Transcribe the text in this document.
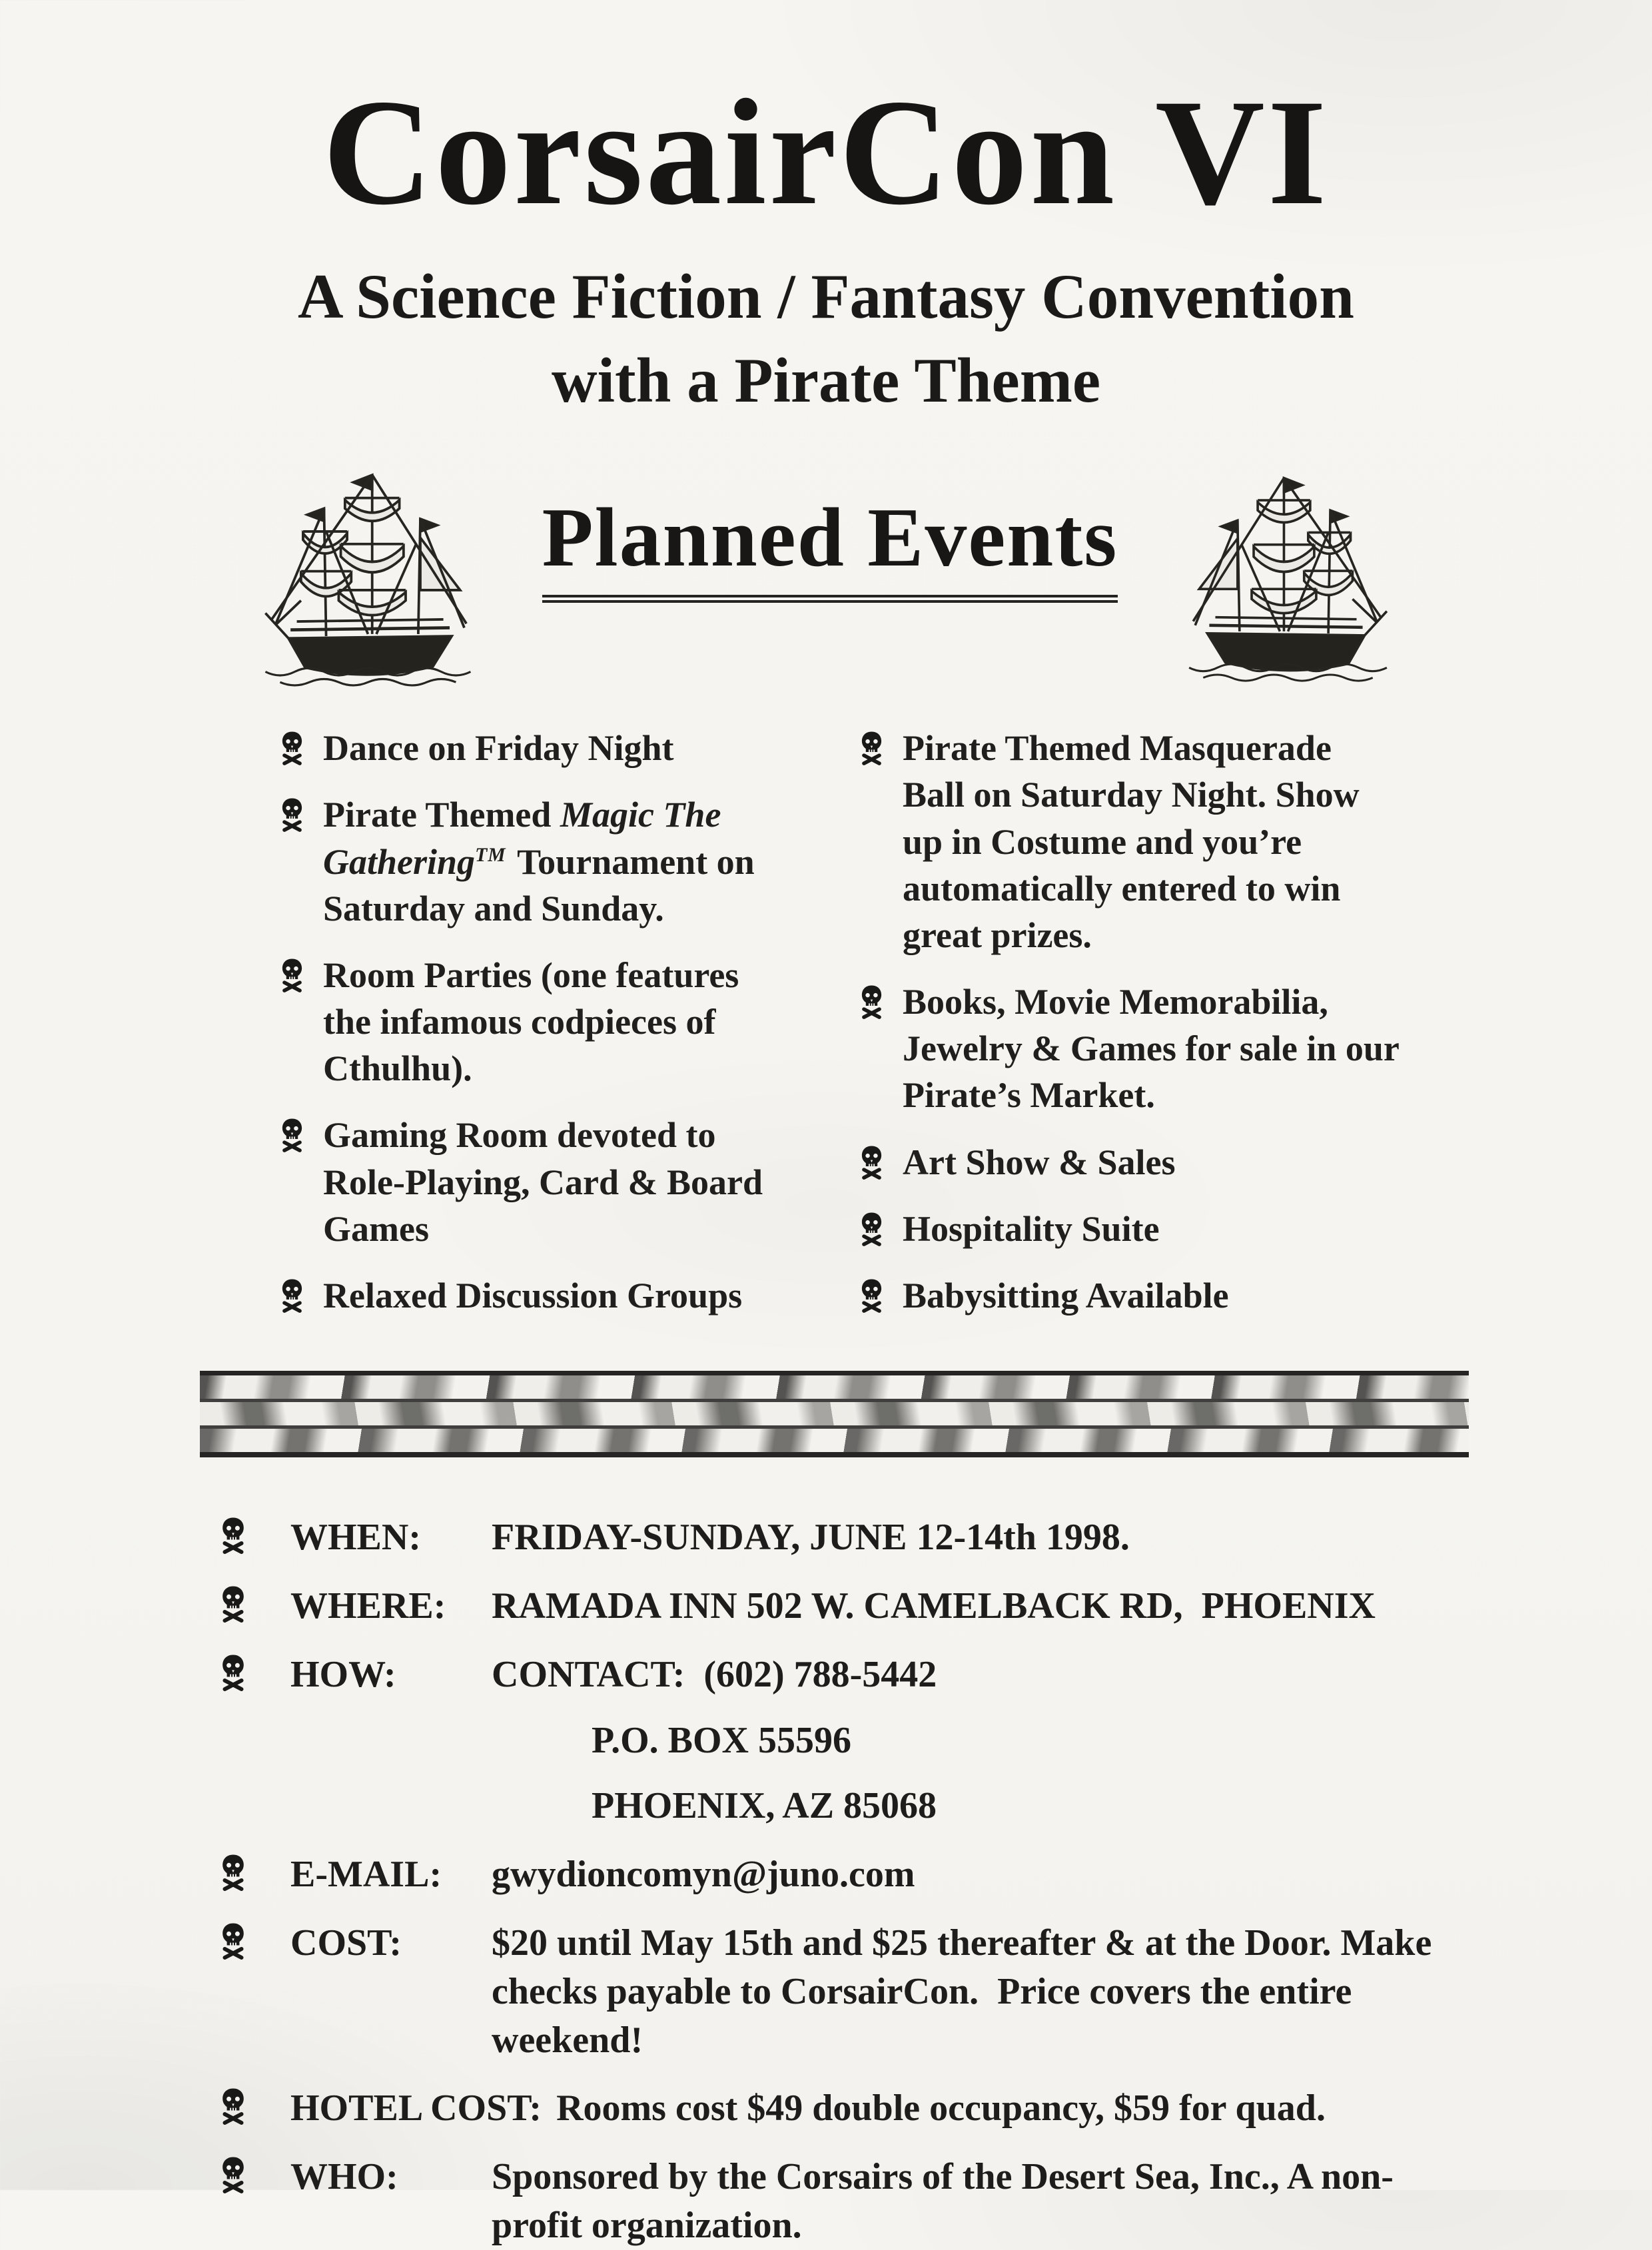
CorsairCon VI
A Science Fiction / Fantasy Convention
with a Pirate Theme
Planned Events
Dance on Friday Night
Pirate Themed Magic The Gathering™ Tournament on Saturday and Sunday.
Room Parties (one features the infamous codpieces of Cthulhu).
Gaming Room devoted to Role-Playing, Card & Board Games
Relaxed Discussion Groups
Pirate Themed Masquerade Ball on Saturday Night. Show up in Costume and you’re automatically entered to win great prizes.
Books, Movie Memorabilia, Jewelry & Games for sale in our Pirate’s Market.
Art Show & Sales
Hospitality Suite
Babysitting Available
WHEN:	FRIDAY-SUNDAY, JUNE 12-14th 1998.
WHERE:	RAMADA INN 502 W. CAMELBACK RD,  PHOENIX
HOW:	CONTACT:  (602) 788-5442
P.O. BOX 55596
PHOENIX, AZ 85068
E-MAIL:	gwydioncomyn@juno.com
COST:	$20 until May 15th and $25 thereafter & at the Door. Make checks payable to CorsairCon.  Price covers the entire weekend!
HOTEL COST: Rooms cost $49 double occupancy, $59 for quad.
WHO:	Sponsored by the Corsairs of the Desert Sea, Inc., A non-profit organization.
